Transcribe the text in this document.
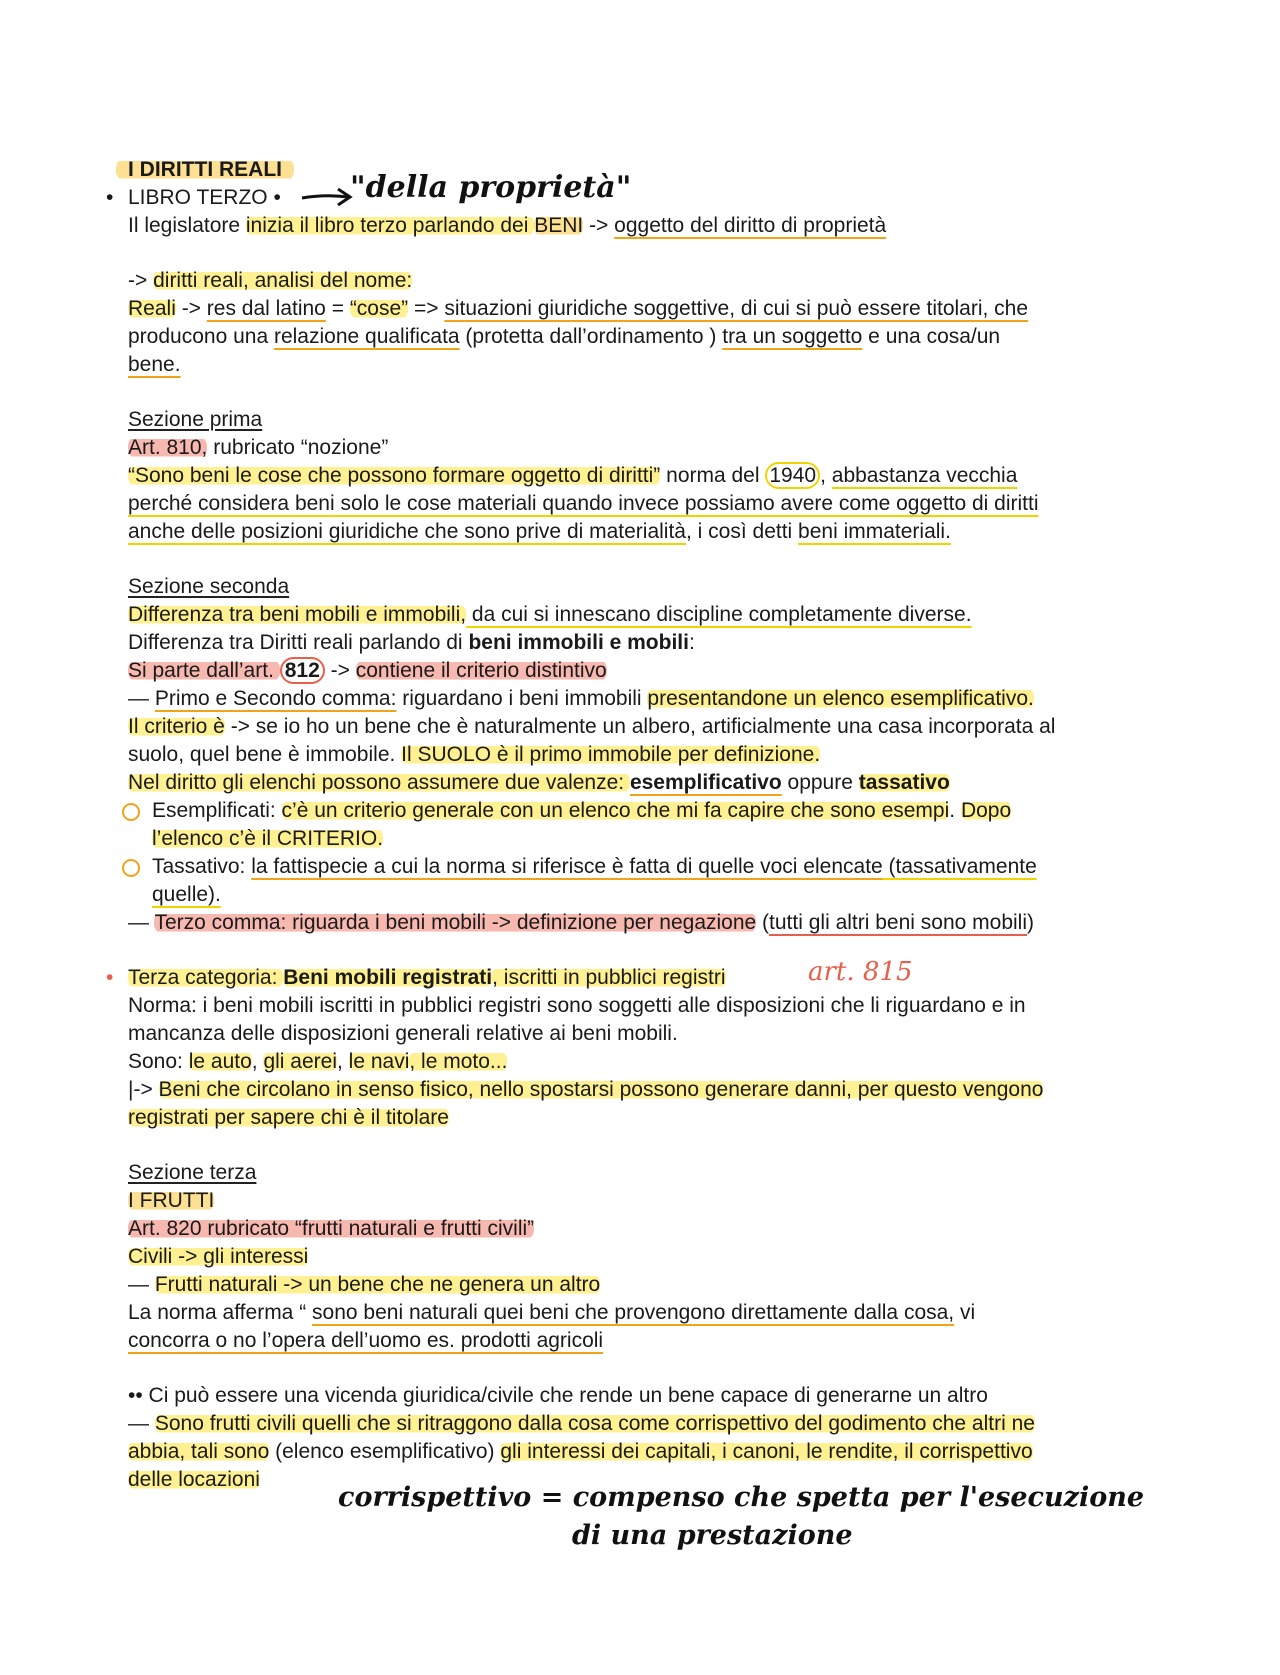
"della proprietà"
art. 815
corrispettivo = compenso che spetta per l'esecuzione
di una prestazione
I DIRITTI REALI
• LIBRO TERZO •
Il legislatore inizia il libro terzo parlando dei BENI -> oggetto del diritto di proprietà
-> diritti reali, analisi del nome:
Reali -> res dal latino = “cose” => situazioni giuridiche soggettive, di cui si può essere titolari, che
producono una relazione qualificata (protetta dall’ordinamento ) tra un soggetto e una cosa/un
bene.
Sezione prima
Art. 810, rubricato “nozione”
“Sono beni le cose che possono formare oggetto di diritti” norma del 1940 , abbastanza vecchia
perché considera beni solo le cose materiali quando invece possiamo avere come oggetto di diritti
anche delle posizioni giuridiche che sono prive di materialità, i così detti beni immateriali.
Sezione seconda
Differenza tra beni mobili e immobili, da cui si innescano discipline completamente diverse.
Differenza tra Diritti reali parlando di beni immobili e mobili:
Si parte dall’art. 812 -> contiene il criterio distintivo
— Primo e Secondo comma: riguardano i beni immobili presentandone un elenco esemplificativo.
Il criterio è -> se io ho un bene che è naturalmente un albero, artificialmente una casa incorporata al
suolo, quel bene è immobile. Il SUOLO è il primo immobile per definizione.
Nel diritto gli elenchi possono assumere due valenze: esemplificativo oppure tassativo
Esemplificati: c’è un criterio generale con un elenco che mi fa capire che sono esempi. Dopo
l’elenco c’è il CRITERIO.
Tassativo: la fattispecie a cui la norma si riferisce è fatta di quelle voci elencate (tassativamente
quelle).
— Terzo comma: riguarda i beni mobili -> definizione per negazione (tutti gli altri beni sono mobili)
• Terza categoria: Beni mobili registrati, iscritti in pubblici registri
Norma: i beni mobili iscritti in pubblici registri sono soggetti alle disposizioni che li riguardano e in
mancanza delle disposizioni generali relative ai beni mobili.
Sono: le auto, gli aerei, le navi, le moto...
|-> Beni che circolano in senso fisico, nello spostarsi possono generare danni, per questo vengono
registrati per sapere chi è il titolare
Sezione terza
I FRUTTI
Art. 820 rubricato “frutti naturali e frutti civili”
Civili -> gli interessi
— Frutti naturali -> un bene che ne genera un altro
La norma afferma “ sono beni naturali quei beni che provengono direttamente dalla cosa, vi
concorra o no l’opera dell’uomo es. prodotti agricoli
•• Ci può essere una vicenda giuridica/civile che rende un bene capace di generarne un altro
— Sono frutti civili quelli che si ritraggono dalla cosa come corrispettivo del godimento che altri ne
abbia, tali sono (elenco esemplificativo) gli interessi dei capitali, i canoni, le rendite, il corrispettivo
delle locazioni
